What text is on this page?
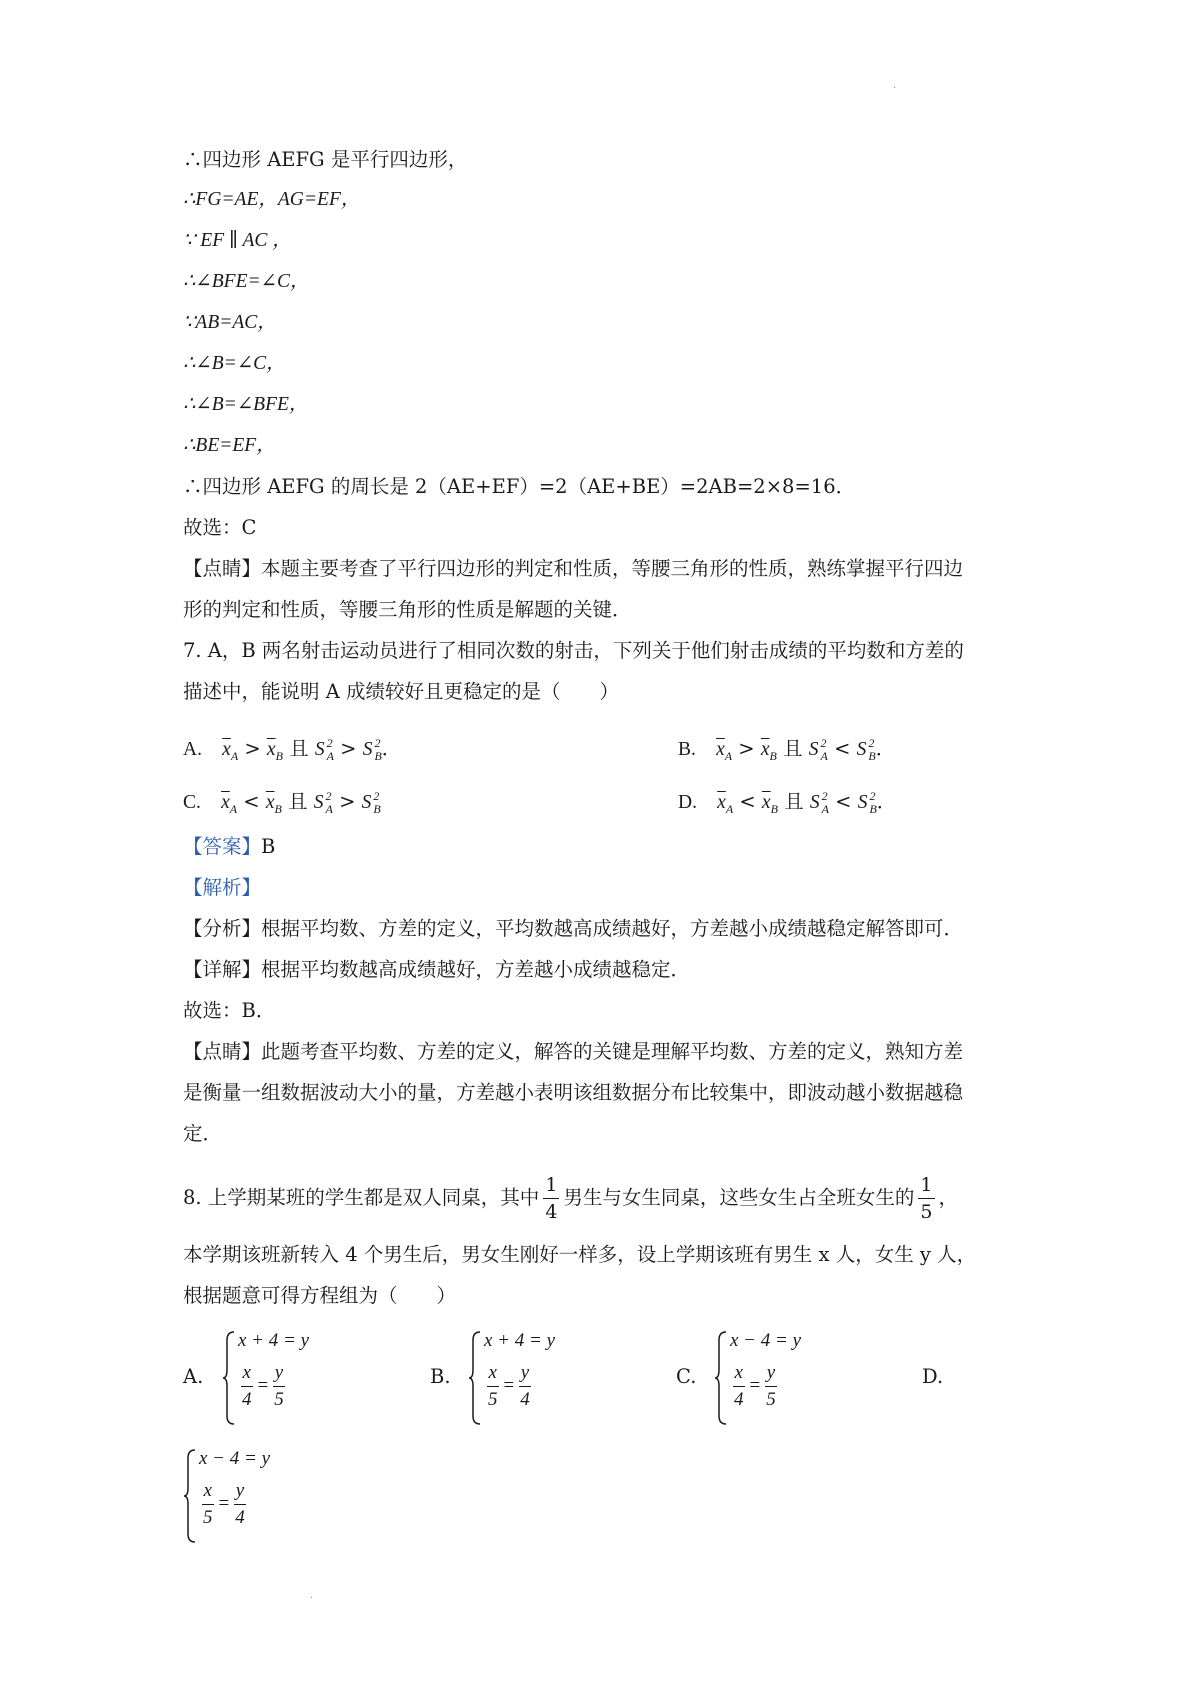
.
∴四边形 AEFG 是平行四边形，
∴FG=AE，AG=EF，
∵ EF ∥ AC ，
∴∠BFE=∠C，
∵AB=AC，
∴∠B=∠C，
∴∠B=∠BFE，
∴BE=EF，
∴四边形 AEFG 的周长是 2（AE+EF）=2（AE+BE）=2AB=2×8=16．
故选：C
【点睛】本题主要考查了平行四边形的判定和性质，等腰三角形的性质，熟练掌握平行四边
形的判定和性质，等腰三角形的性质是解题的关键．
7. A，B 两名射击运动员进行了相同次数的射击，下列关于他们射击成绩的平均数和方差的
描述中，能说明 A 成绩较好且更稳定的是（　　）
A. $\overline{x}_A > \overline{x}_B$ 且 S 2
A > S 2
B ．	B. $\overline{x}_A > \overline{x}_B$ 且 S 2
A < S 2
B ．
C. $\overline{x}_A < \overline{x}_B$ 且 S 2
A > S 2
B	D. $\overline{x}_A < \overline{x}_B$ 且 S 2
A < S 2
B ．
【答案】B
【解析】
【分析】根据平均数、方差的定义，平均数越高成绩越好，方差越小成绩越稳定解答即可．
【详解】根据平均数越高成绩越好，方差越小成绩越稳定．
故选：B．
【点睛】此题考查平均数、方差的定义，解答的关键是理解平均数、方差的定义，熟知方差
是衡量一组数据波动大小的量，方差越小表明该组数据分布比较集中，即波动越小数据越稳
定．
8. 上学期某班的学生都是双人同桌，其中 $\frac{1}{4}$ 男生与女生同桌，这些女生占全班女生的 $\frac{1}{5}$ ，
本学期该班新转入 4 个男生后，男女生刚好一样多，设上学期该班有男生 x 人，女生 y 人，
根据题意可得方程组为（　　）
A.
x + 4 = y
$\frac{x}{4} = \frac{y}{5}$	B.
x + 4 = y
$\frac{x}{5} = \frac{y}{4}$	C.
x − 4 = y
$\frac{x}{4} = \frac{y}{5}$	D.
x − 4 = y
$\frac{x}{5} = \frac{y}{4}$
.
